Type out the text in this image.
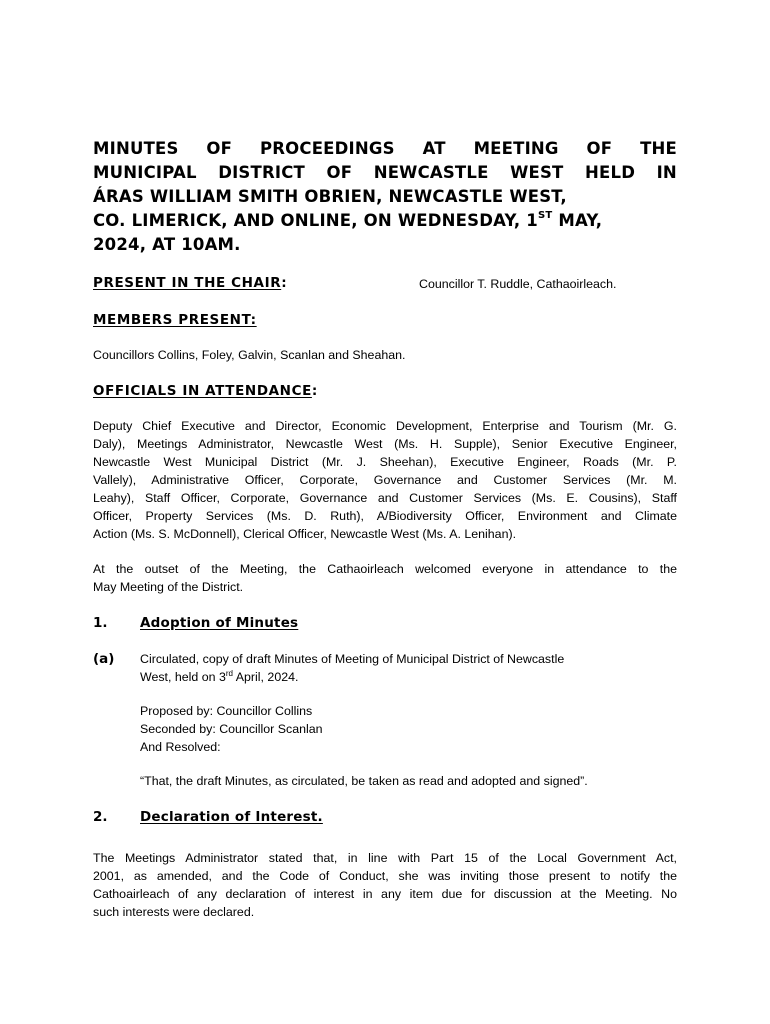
MINUTES OF PROCEEDINGS AT MEETING OF THE
MUNICIPAL DISTRICT OF NEWCASTLE WEST HELD IN
ÁRAS WILLIAM SMITH OBRIEN, NEWCASTLE WEST,
CO. LIMERICK, AND ONLINE, ON WEDNESDAY, 1ST MAY,
2024, AT 10AM.
PRESENT IN THE CHAIR:	Councillor T. Ruddle, Cathaoirleach.
MEMBERS PRESENT:
Councillors Collins, Foley, Galvin, Scanlan and Sheahan.
OFFICIALS IN ATTENDANCE:
Deputy Chief Executive and Director, Economic Development, Enterprise and Tourism (Mr. G.
Daly), Meetings Administrator, Newcastle West (Ms. H. Supple), Senior Executive Engineer,
Newcastle West Municipal District (Mr. J. Sheehan), Executive Engineer, Roads (Mr. P.
Vallely), Administrative Officer, Corporate, Governance and Customer Services (Mr. M.
Leahy), Staff Officer, Corporate, Governance and Customer Services (Ms. E. Cousins), Staff
Officer, Property Services (Ms. D. Ruth), A/Biodiversity Officer, Environment and Climate
Action (Ms. S. McDonnell), Clerical Officer, Newcastle West (Ms. A. Lenihan).
At the outset of the Meeting, the Cathaoirleach welcomed everyone in attendance to the
May Meeting of the District.
1. Adoption of Minutes
(a) Circulated, copy of draft Minutes of Meeting of Municipal District of Newcastle
West, held on 3rd April, 2024.
Proposed by: Councillor Collins
Seconded by: Councillor Scanlan
And Resolved:
“That, the draft Minutes, as circulated, be taken as read and adopted and signed”.
2. Declaration of Interest.
The Meetings Administrator stated that, in line with Part 15 of the Local Government Act,
2001, as amended, and the Code of Conduct, she was inviting those present to notify the
Cathoairleach of any declaration of interest in any item due for discussion at the Meeting. No
such interests were declared.
